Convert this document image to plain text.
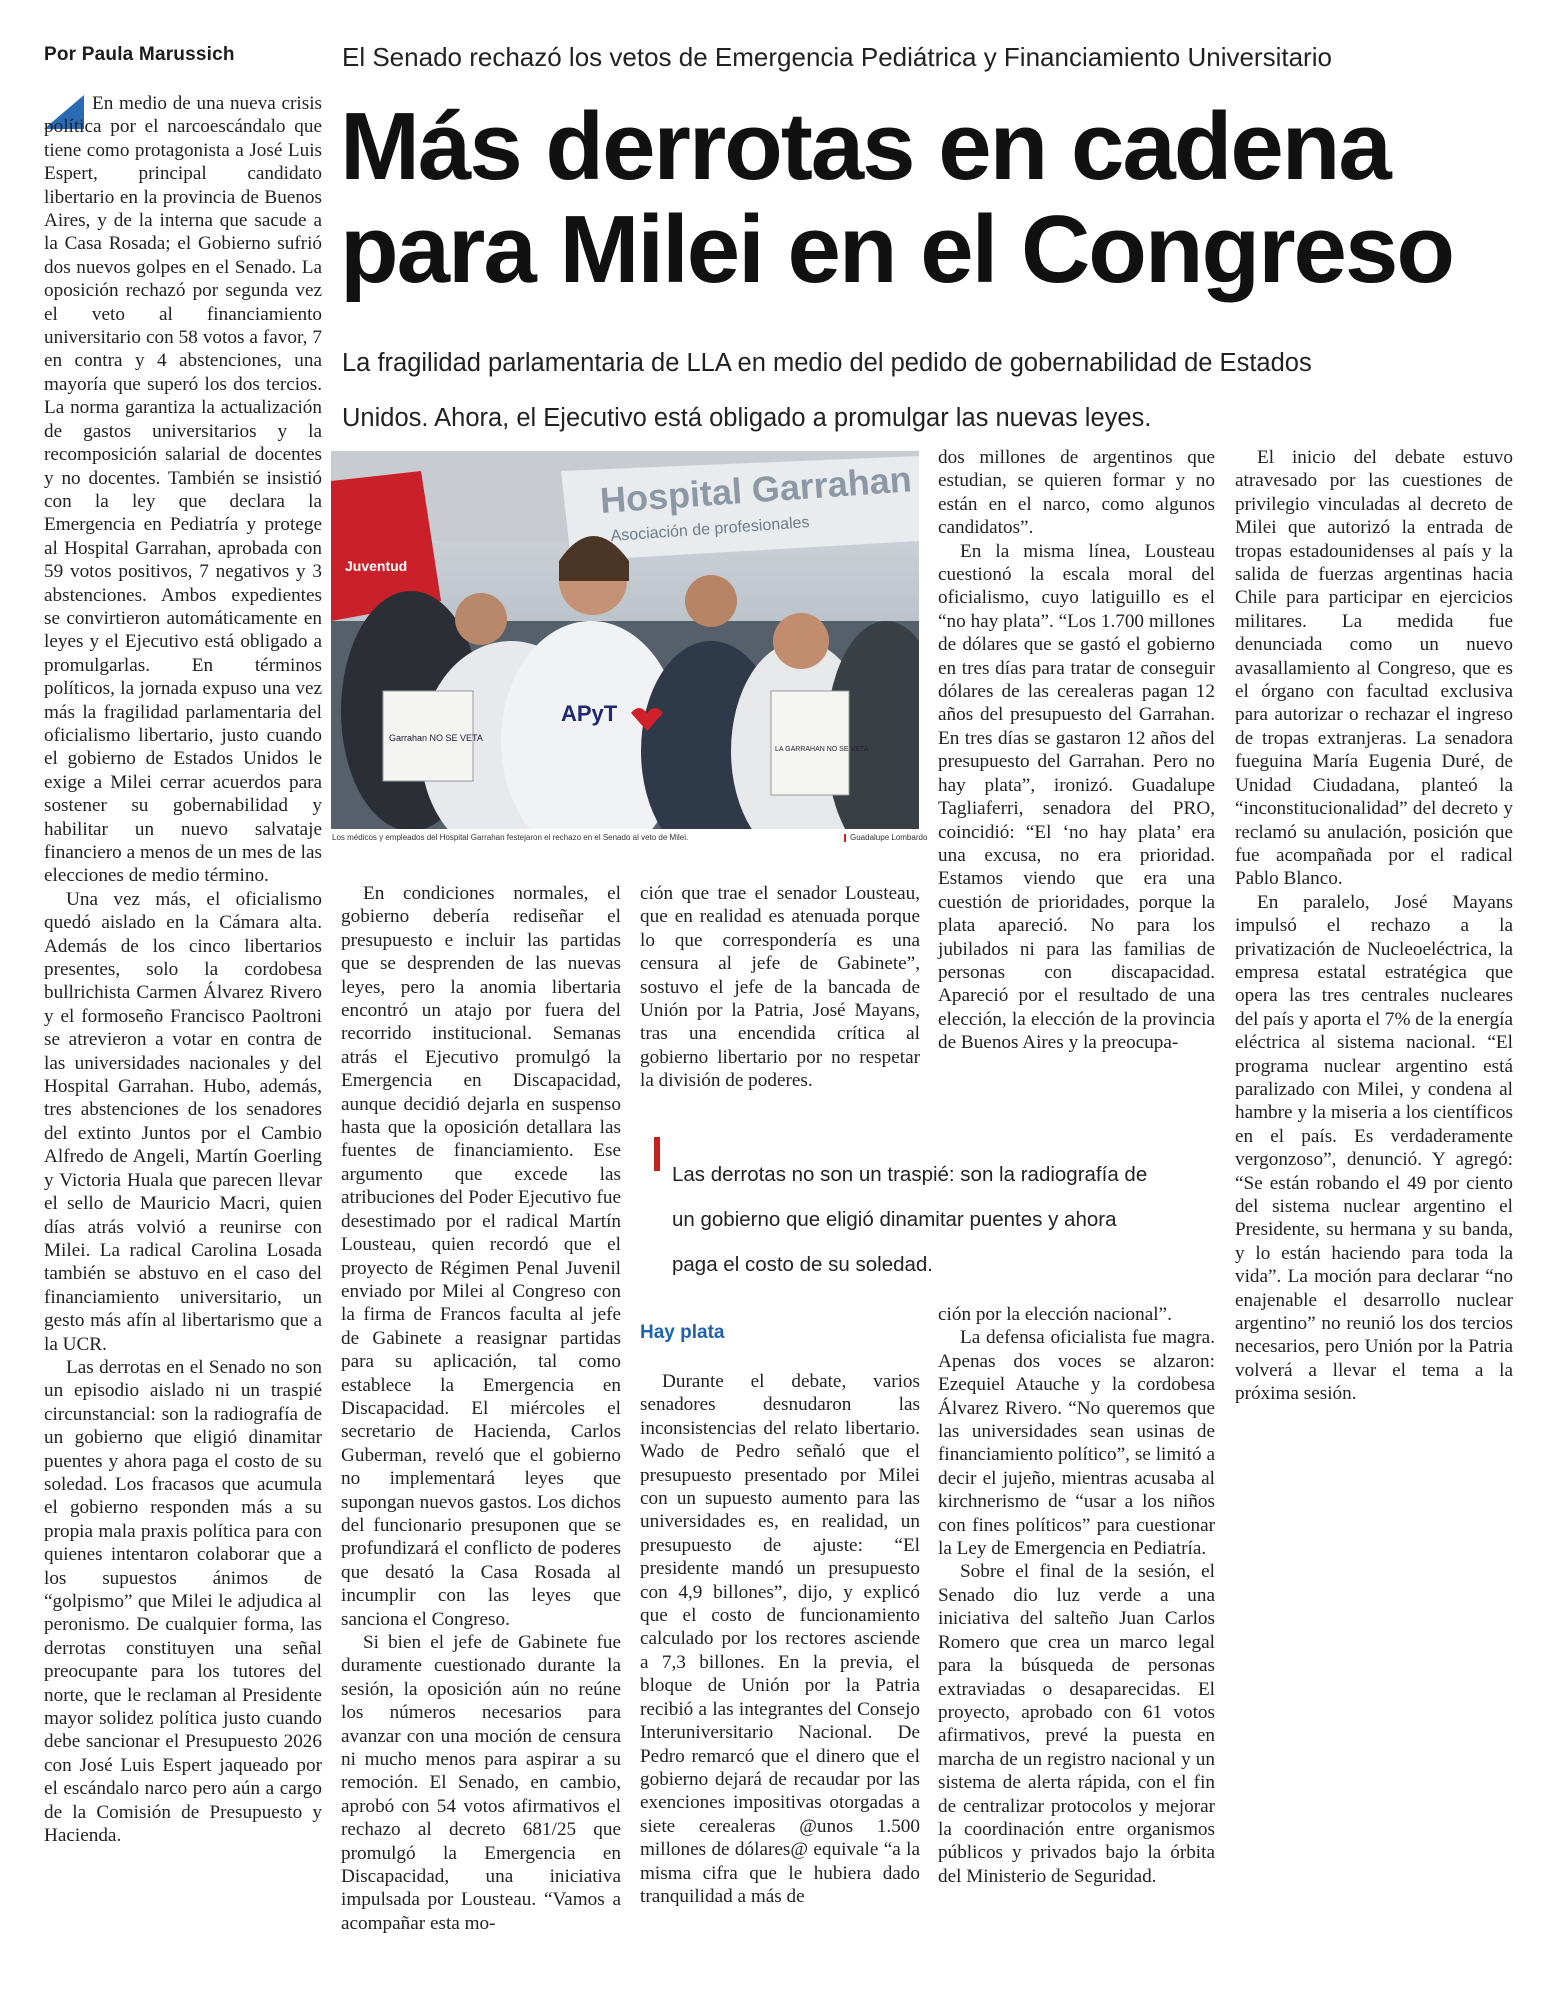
Por Paula Marussich	El Senado rechazó los vetos de Emergencia Pediátrica y Financiamiento Universitario
Más derrotas en cadena para Milei en el Congreso

La fragilidad parlamentaria de LLA en medio del pedido de gobernabilidad de Estados Unidos. Ahora, el Ejecutivo está obligado a promulgar las nuevas leyes.

En medio de una nueva crisis política por el narcoescándalo que tiene como protagonista a José Luis Espert, principal candidato libertario en la provincia de Buenos Aires, y de la interna que sacude a la Casa Rosada; el Gobierno sufrió dos nuevos golpes en el Senado. La oposición rechazó por segunda vez el veto al financiamiento universitario con 58 votos a favor, 7 en contra y 4 abstenciones, una mayoría que superó los dos tercios. La norma garantiza la actualización de gastos universitarios y la recomposición salarial de docentes y no docentes. También se insistió con la ley que declara la Emergencia en Pediatría y protege al Hospital Garrahan, aprobada con 59 votos positivos, 7 negativos y 3 abstenciones. Ambos expedientes se convirtieron automáticamente en leyes y el Ejecutivo está obligado a promulgarlas. En términos políticos, la jornada expuso una vez más la fragilidad parlamentaria del oficialismo libertario, justo cuando el gobierno de Estados Unidos le exige a Milei cerrar acuerdos para sostener su gobernabilidad y habilitar un nuevo salvataje financiero a menos de un mes de las elecciones de medio término.

Una vez más, el oficialismo quedó aislado en la Cámara alta. Además de los cinco libertarios presentes, solo la cordobesa bullrichista Carmen Álvarez Rivero y el formoseño Francisco Paoltroni se atrevieron a votar en contra de las universidades nacionales y del Hospital Garrahan. Hubo, además, tres abstenciones de los senadores del extinto Juntos por el Cambio Alfredo de Angeli, Martín Goerling y Victoria Huala que parecen llevar el sello de Mauricio Macri, quien días atrás volvió a reunirse con Milei. La radical Carolina Losada también se abstuvo en el caso del financiamiento universitario, un gesto más afín al libertarismo que a la UCR.

Las derrotas en el Senado no son un episodio aislado ni un traspié circunstancial: son la radiografía de un gobierno que eligió dinamitar puentes y ahora paga el costo de su soledad. Los fracasos que acumula el gobierno responden más a su propia mala praxis política para con quienes intentaron colaborar que a los supuestos ánimos de “golpismo” que Milei le adjudica al peronismo. De cualquier forma, las derrotas constituyen una señal preocupante para los tutores del norte, que le reclaman al Presidente mayor solidez política justo cuando debe sancionar el Presupuesto 2026 con José Luis Espert jaqueado por el escándalo narco pero aún a cargo de la Comisión de Presupuesto y Hacienda.

Juventud
Hospital Garrahan
Asociación de profesionales
Garrahan NO SE VETA
APyT
LA GARRAHAN NO SE VETA
Los médicos y empleados del Hospital Garrahan festejaron el rechazo en el Senado al veto de Milei.	Guadalupe Lombardo

En condiciones normales, el gobierno debería rediseñar el presupuesto e incluir las partidas que se desprenden de las nuevas leyes, pero la anomia libertaria encontró un atajo por fuera del recorrido institucional. Semanas atrás el Ejecutivo promulgó la Emergencia en Discapacidad, aunque decidió dejarla en suspenso hasta que la oposición detallara las fuentes de financiamiento. Ese argumento que excede las atribuciones del Poder Ejecutivo fue desestimado por el radical Martín Lousteau, quien recordó que el proyecto de Régimen Penal Juvenil enviado por Milei al Congreso con la firma de Francos faculta al jefe de Gabinete a reasignar partidas para su aplicación, tal como establece la Emergencia en Discapacidad. El miércoles el secretario de Hacienda, Carlos Guberman, reveló que el gobierno no implementará leyes que supongan nuevos gastos. Los dichos del funcionario presuponen que se profundizará el conflicto de poderes que desató la Casa Rosada al incumplir con las leyes que sanciona el Congreso.

Si bien el jefe de Gabinete fue duramente cuestionado durante la sesión, la oposición aún no reúne los números necesarios para avanzar con una moción de censura ni mucho menos para aspirar a su remoción. El Senado, en cambio, aprobó con 54 votos afirmativos el rechazo al decreto 681/25 que promulgó la Emergencia en Discapacidad, una iniciativa impulsada por Lousteau. “Vamos a acompañar esta mo-

ción que trae el senador Lousteau, que en realidad es atenuada porque lo que correspondería es una censura al jefe de Gabinete”, sostuvo el jefe de la bancada de Unión por la Patria, José Mayans, tras una encendida crítica al gobierno libertario por no respetar la división de poderes.

Hay plata

Durante el debate, varios senadores desnudaron las inconsistencias del relato libertario. Wado de Pedro señaló que el presupuesto presentado por Milei con un supuesto aumento para las universidades es, en realidad, un presupuesto de ajuste: “El presidente mandó un presupuesto con 4,9 billones”, dijo, y explicó que el costo de funcionamiento calculado por los rectores asciende a 7,3 billones. En la previa, el bloque de Unión por la Patria recibió a las integrantes del Consejo Interuniversitario Nacional. De Pedro remarcó que el dinero que el gobierno dejará de recaudar por las exenciones impositivas otorgadas a siete cerealeras @unos 1.500 millones de dólares@ equivale “a la misma cifra que le hubiera dado tranquilidad a más de

Las derrotas no son un traspié: son la radiografía de un gobierno que eligió dinamitar puentes y ahora paga el costo de su soledad.

dos millones de argentinos que estudian, se quieren formar y no están en el narco, como algunos candidatos”.

En la misma línea, Lousteau cuestionó la escala moral del oficialismo, cuyo latiguillo es el “no hay plata”. “Los 1.700 millones de dólares que se gastó el gobierno en tres días para tratar de conseguir dólares de las cerealeras pagan 12 años del presupuesto del Garrahan. En tres días se gastaron 12 años del presupuesto del Garrahan. Pero no hay plata”, ironizó. Guadalupe Tagliaferri, senadora del PRO, coincidió: “El ‘no hay plata’ era una excusa, no era prioridad. Estamos viendo que era una cuestión de prioridades, porque la plata apareció. No para los jubilados ni para las familias de personas con discapacidad. Apareció por el resultado de una elección, la elección de la provincia de Buenos Aires y la preocupa-

ción por la elección nacional”.

La defensa oficialista fue magra. Apenas dos voces se alzaron: Ezequiel Atauche y la cordobesa Álvarez Rivero. “No queremos que las universidades sean usinas de financiamiento político”, se limitó a decir el jujeño, mientras acusaba al kirchnerismo de “usar a los niños con fines políticos” para cuestionar la Ley de Emergencia en Pediatría.

Sobre el final de la sesión, el Senado dio luz verde a una iniciativa del salteño Juan Carlos Romero que crea un marco legal para la búsqueda de personas extraviadas o desaparecidas. El proyecto, aprobado con 61 votos afirmativos, prevé la puesta en marcha de un registro nacional y un sistema de alerta rápida, con el fin de centralizar protocolos y mejorar la coordinación entre organismos públicos y privados bajo la órbita del Ministerio de Seguridad.

El inicio del debate estuvo atravesado por las cuestiones de privilegio vinculadas al decreto de Milei que autorizó la entrada de tropas estadounidenses al país y la salida de fuerzas argentinas hacia Chile para participar en ejercicios militares. La medida fue denunciada como un nuevo avasallamiento al Congreso, que es el órgano con facultad exclusiva para autorizar o rechazar el ingreso de tropas extranjeras. La senadora fueguina María Eugenia Duré, de Unidad Ciudadana, planteó la “inconstitucionalidad” del decreto y reclamó su anulación, posición que fue acompañada por el radical Pablo Blanco.

En paralelo, José Mayans impulsó el rechazo a la privatización de Nucleoeléctrica, la empresa estatal estratégica que opera las tres centrales nucleares del país y aporta el 7% de la energía eléctrica al sistema nacional. “El programa nuclear argentino está paralizado con Milei, y condena al hambre y la miseria a los científicos en el país. Es verdaderamente vergonzoso”, denunció. Y agregó: “Se están robando el 49 por ciento del sistema nuclear argentino el Presidente, su hermana y su banda, y lo están haciendo para toda la vida”. La moción para declarar “no enajenable el desarrollo nuclear argentino” no reunió los dos tercios necesarios, pero Unión por la Patria volverá a llevar el tema a la próxima sesión.
